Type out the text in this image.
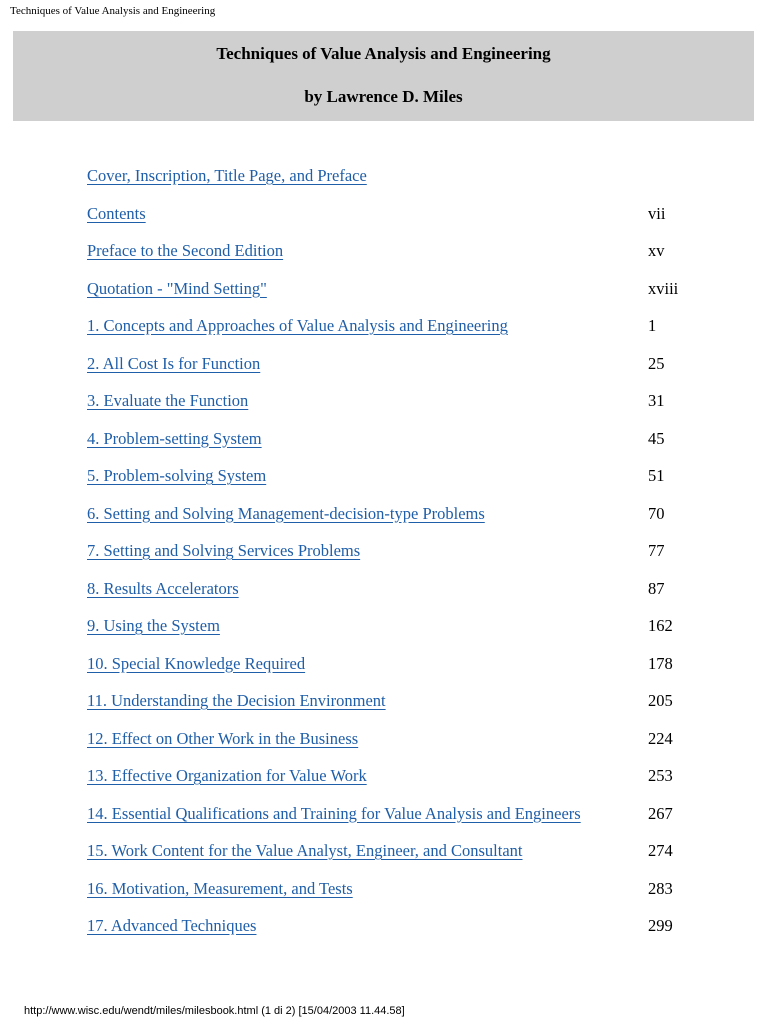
Techniques of Value Analysis and Engineering
Techniques of Value Analysis and Engineering
by Lawrence D. Miles
Cover, Inscription, Title Page, and Preface
Contents	vii
Preface to the Second Edition	xv
Quotation - "Mind Setting"	xviii
1. Concepts and Approaches of Value Analysis and Engineering	1
2. All Cost Is for Function	25
3. Evaluate the Function	31
4. Problem-setting System	45
5. Problem-solving System	51
6. Setting and Solving Management-decision-type Problems	70
7. Setting and Solving Services Problems	77
8. Results Accelerators	87
9. Using the System	162
10. Special Knowledge Required	178
11. Understanding the Decision Environment	205
12. Effect on Other Work in the Business	224
13. Effective Organization for Value Work	253
14. Essential Qualifications and Training for Value Analysis and Engineers	267
15. Work Content for the Value Analyst, Engineer, and Consultant	274
16. Motivation, Measurement, and Tests	283
17. Advanced Techniques	299
http://www.wisc.edu/wendt/miles/milesbook.html (1 di 2) [15/04/2003 11.44.58]
